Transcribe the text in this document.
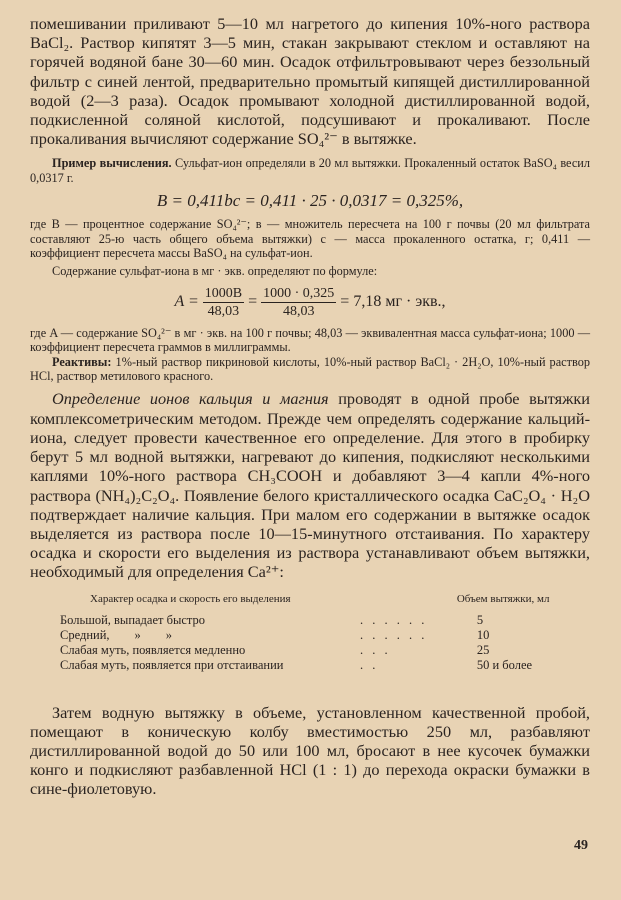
помешивании приливают 5—10 мл нагретого до кипения 10%-ного раствора BaCl₂. Раствор кипятят 3—5 мин, стакан закрывают стеклом и оставляют на горячей водяной бане 30—60 мин. Осадок отфильтровывают через беззольный фильтр с синей лентой, предварительно промытый кипящей дистиллированной водой (2—3 раза). Осадок промывают холодной дистиллированной водой, подкисленной соляной кислотой, подсушивают и прокаливают. После прокаливания вычисляют содержание SO₄²⁻ в вытяжке.

Пример вычисления. Сульфат-ион определяли в 20 мл вытяжки. Прокаленный остаток BaSO₄ весил 0,0317 г.

B = 0,411bc = 0,411 · 25 · 0,0317 = 0,325%,

где B — процентное содержание SO₄²⁻; в — множитель пересчета на 100 г почвы (20 мл фильтрата составляют 25-ю часть общего объема вытяжки) c — масса прокаленного остатка, г; 0,411 — коэффициент пересчета массы BaSO₄ на сульфат-ион.

Содержание сульфат-иона в мг · экв. определяют по формуле:

$A = \frac{1000B}{48,03} = \frac{1000 \cdot 0,325}{48,03} = 7,18$ мг · экв.,

где A — содержание SO₄²⁻ в мг · экв. на 100 г почвы; 48,03 — эквивалентная масса сульфат-иона; 1000 — коэффициент пересчета граммов в миллиграммы.

Реактивы: 1%-ный раствор пикриновой кислоты, 10%-ный раствор BaCl₂ · 2H₂O, 10%-ный раствор HCl, раствор метилового красного.

Определение ионов кальция и магния проводят в одной пробе вытяжки комплексометрическим методом. Прежде чем определять содержание кальций-иона, следует провести качественное его определение. Для этого в пробирку берут 5 мл водной вытяжки, нагревают до кипения, подкисляют несколькими каплями 10%-ного раствора CH₃COOH и добавляют 3—4 капли 4%-ного раствора (NH₄)₂C₂O₄. Появление белого кристаллического осадка CaC₂O₄ · H₂O подтверждает наличие кальция. При малом его содержании в вытяжке осадок выделяется из раствора после 10—15-минутного отстаивания. По характеру осадка и скорости его выделения из раствора устанавливают объем вытяжки, необходимый для определения Ca²⁺:

Характер осадка и скорость его выделения		Объем вытяжки, мл
Большой, выпадает быстро	. . . . . .	5
Средний,        »        »	. . . . . .	10
Слабая муть, появляется медленно	. . .	25
Слабая муть, появляется при отстаивании	. .	50 и более

Затем водную вытяжку в объеме, установленном качественной пробой, помещают в коническую колбу вместимостью 250 мл, разбавляют дистиллированной водой до 50 или 100 мл, бросают в нее кусочек бумажки конго и подкисляют разбавленной HCl (1 : 1) до перехода окраски бумажки в сине-фиолетовую.

49
